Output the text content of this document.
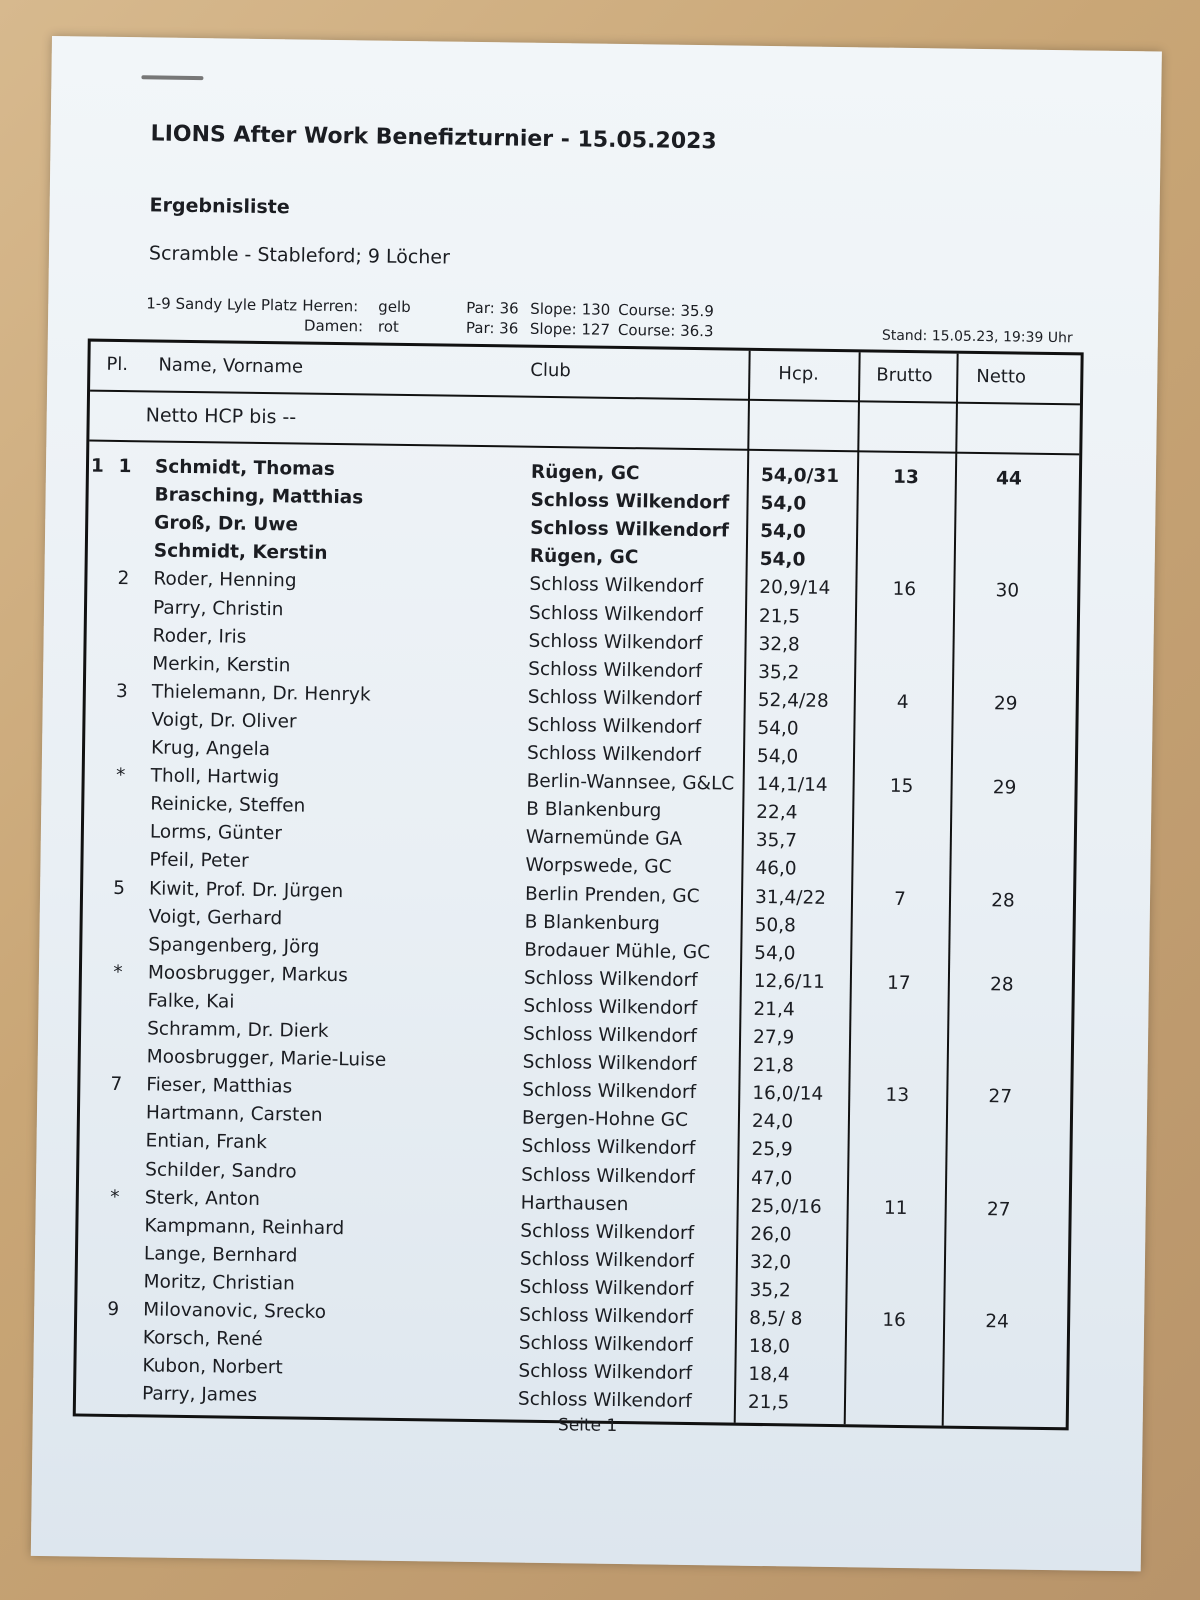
LIONS After Work Benefizturnier - 15.05.2023
Ergebnisliste
Scramble - Stableford; 9 Löcher
1-9 Sandy Lyle Platz Herren: gelb	Par: 36 Slope: 130 Course: 35.9
Damen: rot	Par: 36 Slope: 127 Course: 36.3	Stand: 15.05.23, 19:39 Uhr
Pl. Name, Vorname	Club	Hcp.	Brutto Netto
Netto HCP bis --
1 1 Schmidt, Thomas	Rügen, GC	54,0/31	13	44
Brasching, Matthias	Schloss Wilkendorf 54,0
Groß, Dr. Uwe	Schloss Wilkendorf 54,0
Schmidt, Kerstin	Rügen, GC	54,0
2 Roder, Henning	Schloss Wilkendorf	20,9/14	16	30
Parry, Christin	Schloss Wilkendorf	21,5
Roder, Iris	Schloss Wilkendorf	32,8
Merkin, Kerstin	Schloss Wilkendorf	35,2
3 Thielemann, Dr. Henryk	Schloss Wilkendorf	52,4/28	4	29
Voigt, Dr. Oliver	Schloss Wilkendorf	54,0
Krug, Angela	Schloss Wilkendorf	54,0
* Tholl, Hartwig	Berlin-Wannsee, G&LC 14,1/14	15	29
Reinicke, Steffen	B Blankenburg	22,4
Lorms, Günter	Warnemünde GA	35,7
Pfeil, Peter	Worpswede, GC	46,0
5 Kiwit, Prof. Dr. Jürgen	Berlin Prenden, GC	31,4/22	7	28
Voigt, Gerhard	B Blankenburg	50,8
Spangenberg, Jörg	Brodauer Mühle, GC 54,0
* Moosbrugger, Markus	Schloss Wilkendorf	12,6/11	17	28
Falke, Kai	Schloss Wilkendorf	21,4
Schramm, Dr. Dierk	Schloss Wilkendorf	27,9
Moosbrugger, Marie-Luise	Schloss Wilkendorf	21,8
7 Fieser, Matthias	Schloss Wilkendorf	16,0/14	13	27
Hartmann, Carsten	Bergen-Hohne GC	24,0
Entian, Frank	Schloss Wilkendorf	25,9
Schilder, Sandro	Schloss Wilkendorf	47,0
* Sterk, Anton	Harthausen	25,0/16	11	27
Kampmann, Reinhard	Schloss Wilkendorf	26,0
Lange, Bernhard	Schloss Wilkendorf	32,0
Moritz, Christian	Schloss Wilkendorf	35,2
9 Milovanovic, Srecko	Schloss Wilkendorf	8,5/ 8	16	24
Korsch, René	Schloss Wilkendorf	18,0
Kubon, Norbert	Schloss Wilkendorf	18,4
Parry, James	Schloss Wilkendorf	21,5
Seite 1
